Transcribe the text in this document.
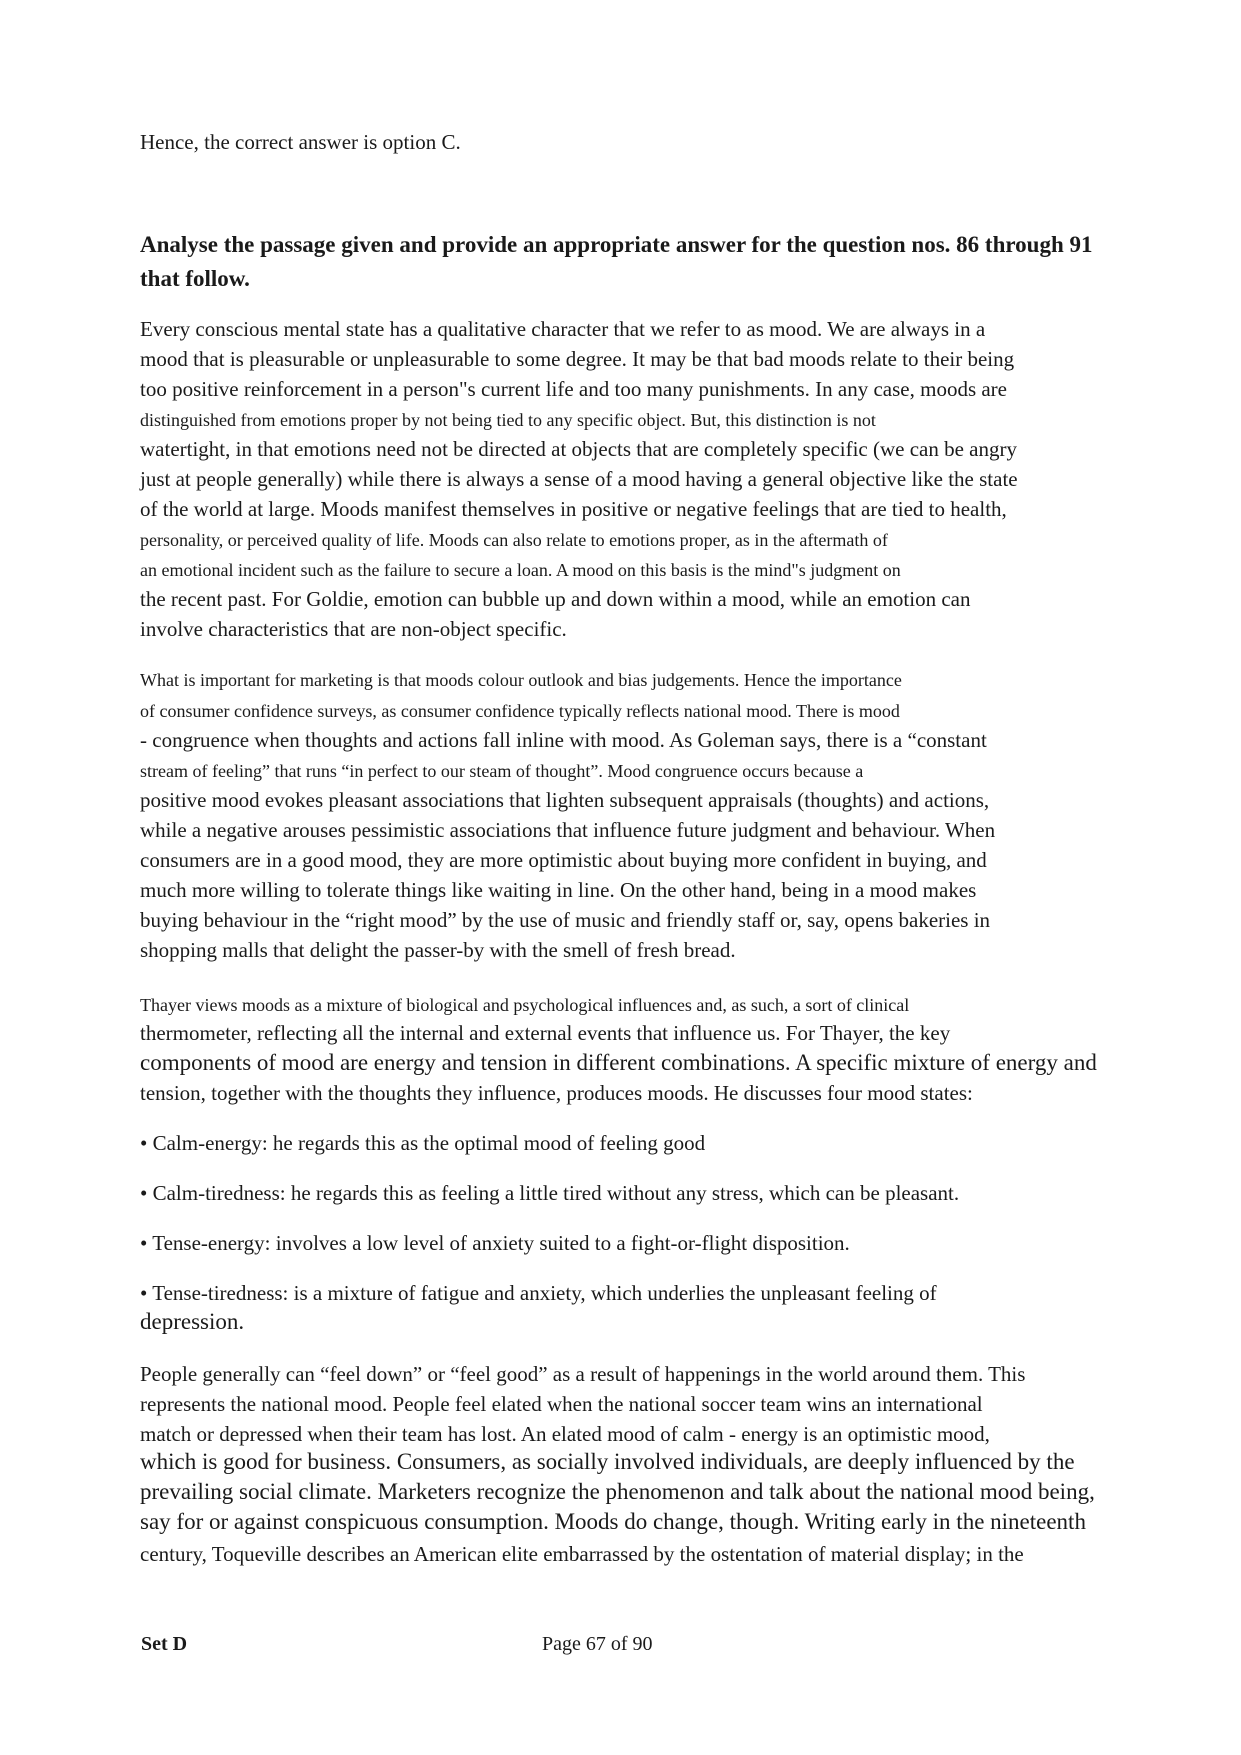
Hence, the correct answer is option C.
Analyse the passage given and provide an appropriate answer for the question nos. 86 through 91
that follow.
Every conscious mental state has a qualitative character that we refer to as mood. We are always in a
mood that is pleasurable or unpleasurable to some degree. It may be that bad moods relate to their being
too positive reinforcement in a person"s current life and too many punishments. In any case, moods are
distinguished from emotions proper by not being tied to any specific object. But, this distinction is not
watertight, in that emotions need not be directed at objects that are completely specific (we can be angry
just at people generally) while there is always a sense of a mood having a general objective like the state
of the world at large. Moods manifest themselves in positive or negative feelings that are tied to health,
personality, or perceived quality of life. Moods can also relate to emotions proper, as in the aftermath of
an emotional incident such as the failure to secure a loan. A mood on this basis is the mind"s judgment on
the recent past. For Goldie, emotion can bubble up and down within a mood, while an emotion can
involve characteristics that are non-object specific.
What is important for marketing is that moods colour outlook and bias judgements. Hence the importance
of consumer confidence surveys, as consumer confidence typically reflects national mood. There is mood
- congruence when thoughts and actions fall inline with mood. As Goleman says, there is a “constant
stream of feeling” that runs “in perfect to our steam of thought”. Mood congruence occurs because a
positive mood evokes pleasant associations that lighten subsequent appraisals (thoughts) and actions,
while a negative arouses pessimistic associations that influence future judgment and behaviour. When
consumers are in a good mood, they are more optimistic about buying more confident in buying, and
much more willing to tolerate things like waiting in line. On the other hand, being in a mood makes
buying behaviour in the “right mood” by the use of music and friendly staff or, say, opens bakeries in
shopping malls that delight the passer-by with the smell of fresh bread.
Thayer views moods as a mixture of biological and psychological influences and, as such, a sort of clinical
thermometer, reflecting all the internal and external events that influence us. For Thayer, the key
components of mood are energy and tension in different combinations. A specific mixture of energy and
tension, together with the thoughts they influence, produces moods. He discusses four mood states:
• Calm-energy: he regards this as the optimal mood of feeling good
• Calm-tiredness: he regards this as feeling a little tired without any stress, which can be pleasant.
• Tense-energy: involves a low level of anxiety suited to a fight-or-flight disposition.
• Tense-tiredness: is a mixture of fatigue and anxiety, which underlies the unpleasant feeling of
depression.
People generally can “feel down” or “feel good” as a result of happenings in the world around them. This
represents the national mood. People feel elated when the national soccer team wins an international
match or depressed when their team has lost. An elated mood of calm - energy is an optimistic mood,
which is good for business. Consumers, as socially involved individuals, are deeply influenced by the
prevailing social climate. Marketers recognize the phenomenon and talk about the national mood being,
say for or against conspicuous consumption. Moods do change, though. Writing early in the nineteenth
century, Toqueville describes an American elite embarrassed by the ostentation of material display; in the
Set D	Page 67 of 90
